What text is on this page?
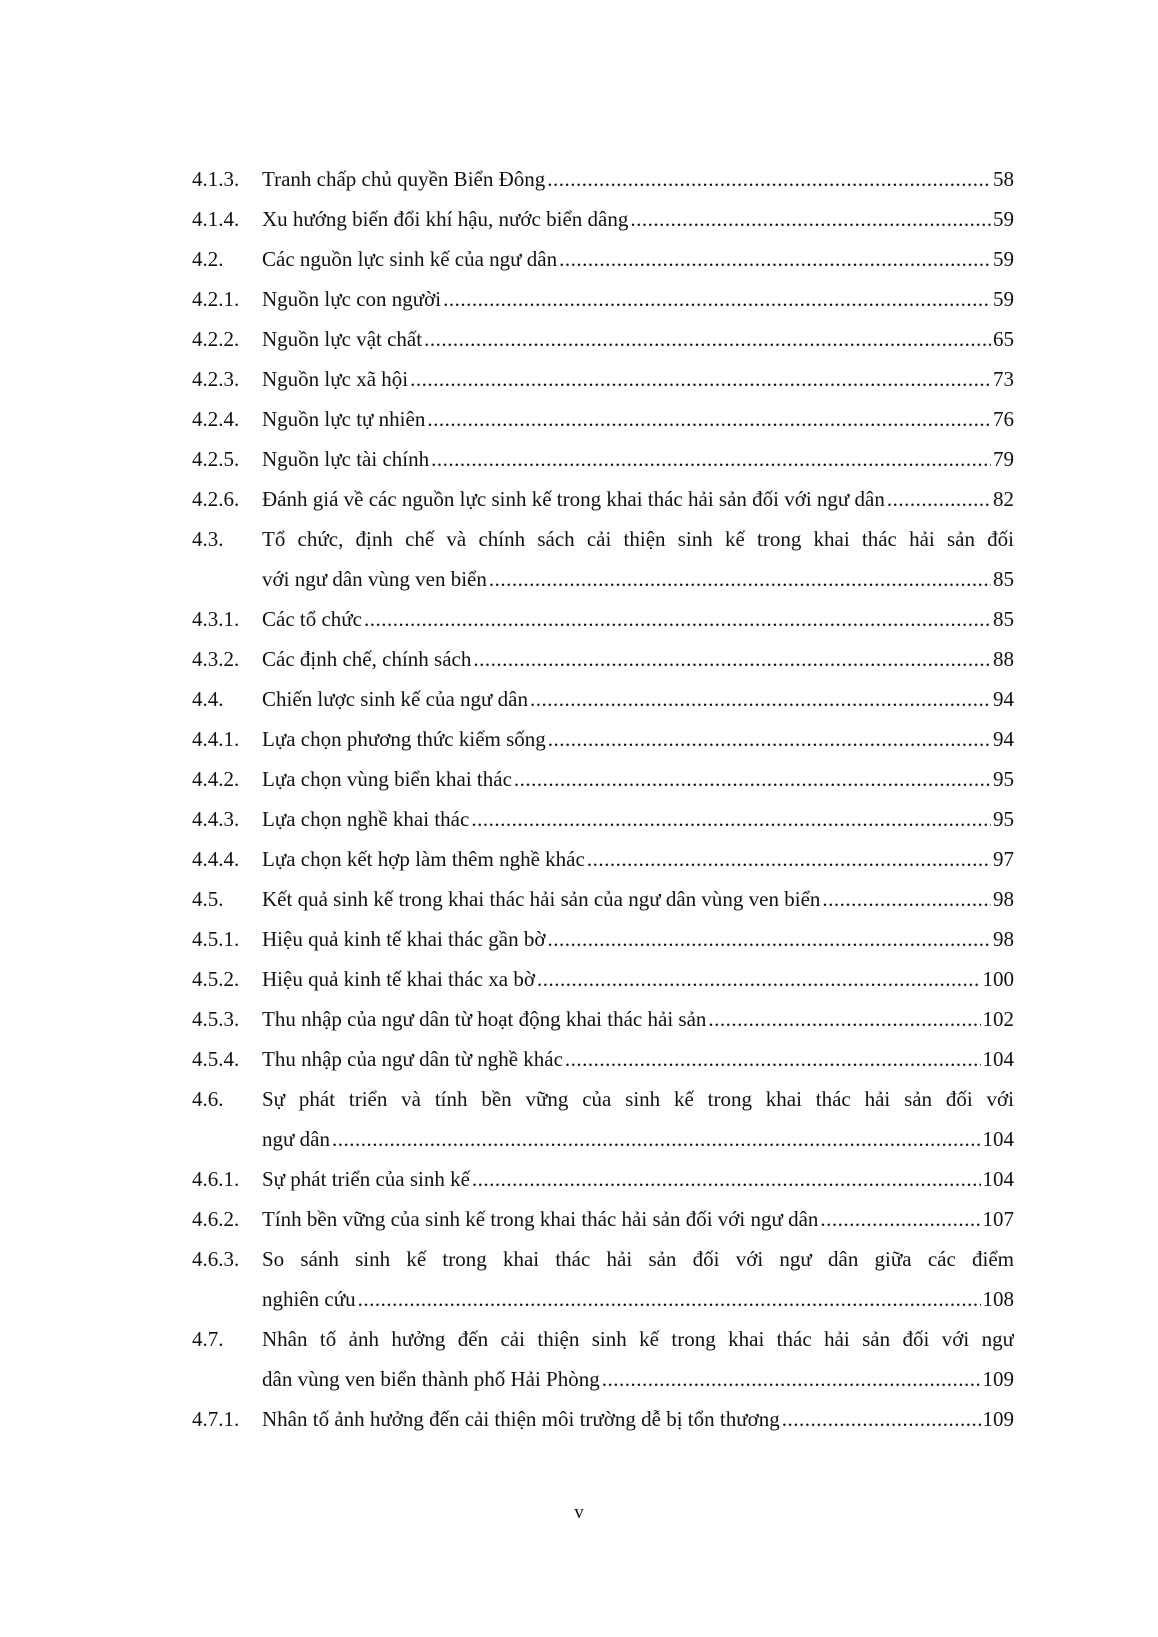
4.1.3.	Tranh chấp chủ quyền Biển Đông .....	58
4.1.4.	Xu hướng biến đổi khí hậu, nước biển dâng .....	59
4.2.	Các nguồn lực sinh kế của ngư dân .....	59
4.2.1.	Nguồn lực con người .....	59
4.2.2.	Nguồn lực vật chất .....	65
4.2.3.	Nguồn lực xã hội .....	73
4.2.4.	Nguồn lực tự nhiên .....	76
4.2.5.	Nguồn lực tài chính .....	79
4.2.6.	Đánh giá về các nguồn lực sinh kế trong khai thác hải sản đối với ngư dân .....	82
4.3.	Tổ chức, định chế và chính sách cải thiện sinh kế trong khai thác hải sản đối
với ngư dân vùng ven biển .....	85
4.3.1.	Các tổ chức .....	85
4.3.2.	Các định chế, chính sách .....	88
4.4.	Chiến lược sinh kế của ngư dân .....	94
4.4.1.	Lựa chọn phương thức kiếm sống .....	94
4.4.2.	Lựa chọn vùng biển khai thác .....	95
4.4.3.	Lựa chọn nghề khai thác .....	95
4.4.4.	Lựa chọn kết hợp làm thêm nghề khác .....	97
4.5.	Kết quả sinh kế trong khai thác hải sản của ngư dân vùng ven biển .....	98
4.5.1.	Hiệu quả kinh tế khai thác gần bờ .....	98
4.5.2.	Hiệu quả kinh tế khai thác xa bờ .....	100
4.5.3.	Thu nhập của ngư dân từ hoạt động khai thác hải sản .....	102
4.5.4.	Thu nhập của ngư dân từ nghề khác .....	104
4.6.	Sự phát triển và tính bền vững của sinh kế trong khai thác hải sản đối với
ngư dân .....	104
4.6.1.	Sự phát triển của sinh kế .....	104
4.6.2.	Tính bền vững của sinh kế trong khai thác hải sản đối với ngư dân .....	107
4.6.3.	So sánh sinh kế trong khai thác hải sản đối với ngư dân giữa các điểm
nghiên cứu .....	108
4.7.	Nhân tố ảnh hưởng đến cải thiện sinh kế trong khai thác hải sản đối với ngư
dân vùng ven biển thành phố Hải Phòng .....	109
4.7.1.	Nhân tố ảnh hưởng đến cải thiện môi trường dễ bị tổn thương .....	109
v
